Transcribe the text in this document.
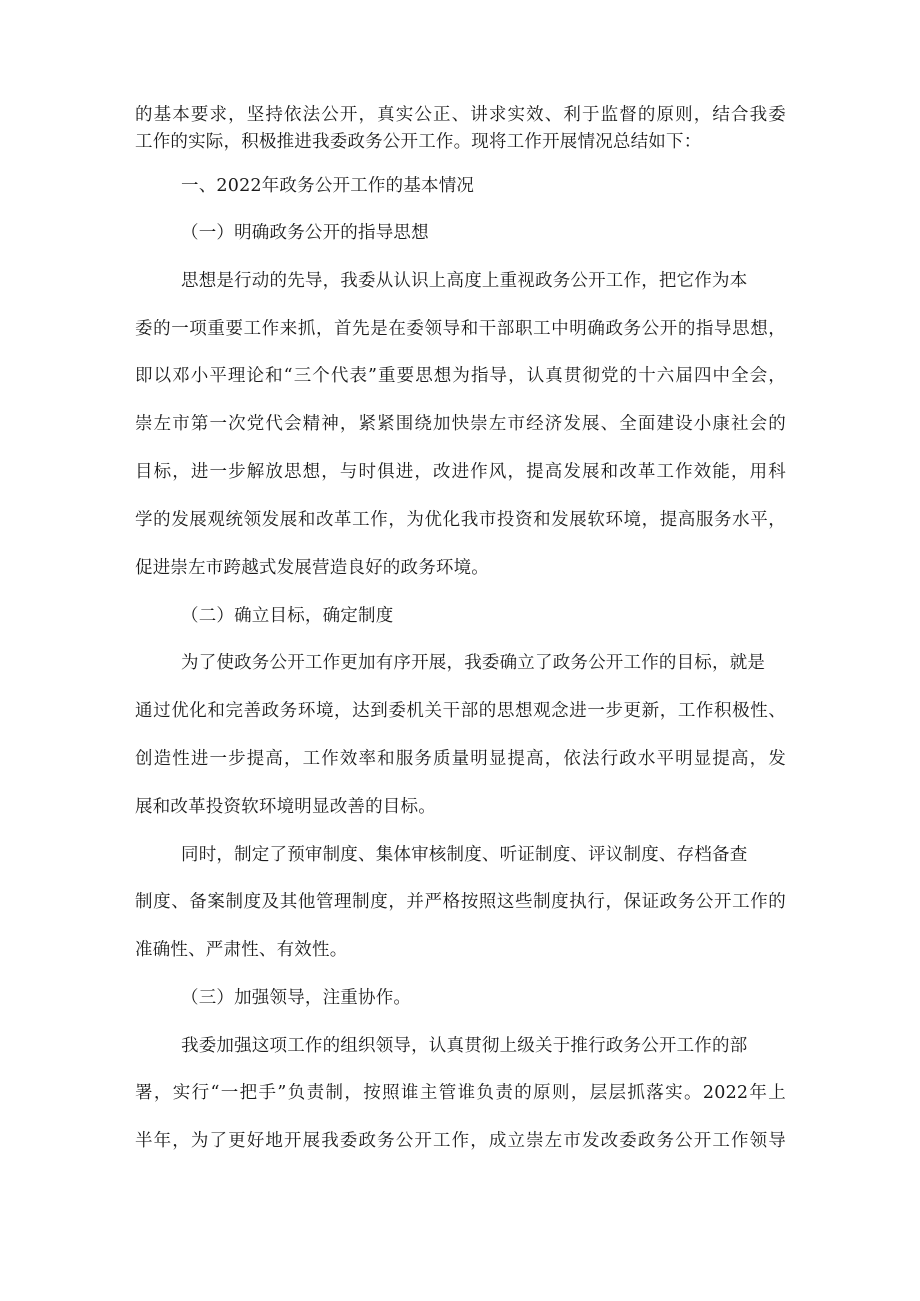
的基本要求，坚持依法公开，真实公正、讲求实效、利于监督的原则，结合我委
工作的实际，积极推进我委政务公开工作。现将工作开展情况总结如下：
一、2022年政务公开工作的基本情况
（一）明确政务公开的指导思想
思想是行动的先导，我委从认识上高度上重视政务公开工作，把它作为本
委的一项重要工作来抓，首先是在委领导和干部职工中明确政务公开的指导思想，
即以邓小平理论和“三个代表”重要思想为指导，认真贯彻党的十六届四中全会，
崇左市第一次党代会精神，紧紧围绕加快崇左市经济发展、全面建设小康社会的
目标，进一步解放思想，与时俱进，改进作风，提高发展和改革工作效能，用科
学的发展观统领发展和改革工作，为优化我市投资和发展软环境，提高服务水平，
促进崇左市跨越式发展营造良好的政务环境。
（二）确立目标，确定制度
为了使政务公开工作更加有序开展，我委确立了政务公开工作的目标，就是
通过优化和完善政务环境，达到委机关干部的思想观念进一步更新，工作积极性、
创造性进一步提高，工作效率和服务质量明显提高，依法行政水平明显提高，发
展和改革投资软环境明显改善的目标。
同时，制定了预审制度、集体审核制度、听证制度、评议制度、存档备查
制度、备案制度及其他管理制度，并严格按照这些制度执行，保证政务公开工作的
准确性、严肃性、有效性。
（三）加强领导，注重协作。
我委加强这项工作的组织领导，认真贯彻上级关于推行政务公开工作的部
署，实行“一把手”负责制，按照谁主管谁负责的原则，层层抓落实。2022年上
半年，为了更好地开展我委政务公开工作，成立崇左市发改委政务公开工作领导
